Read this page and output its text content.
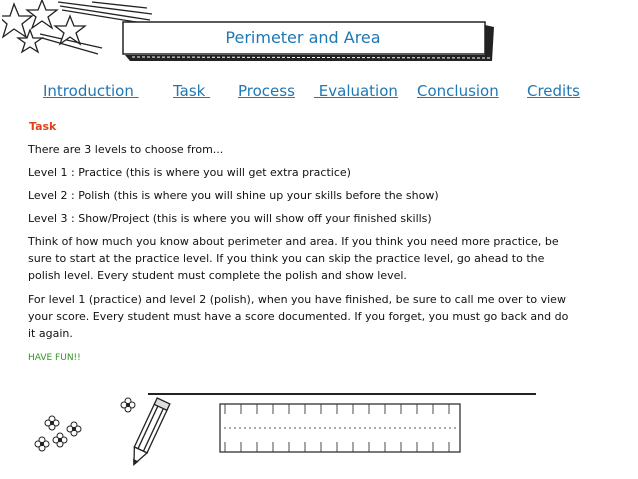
Perimeter and Area
Introduction Task Process Evaluation Conclusion Credits
Task

There are 3 levels to choose from...

Level 1 : Practice (this is where you will get extra practice)

Level 2 : Polish (this is where you will shine up your skills before the show)

Level 3 : Show/Project (this is where you will show off your finished skills)

Think of how much you know about perimeter and area. If you think you need more practice, be sure to start at the practice level. If you think you can skip the practice level, go ahead to the polish level. Every student must complete the polish and show level.

For level 1 (practice) and level 2 (polish), when you have finished, be sure to call me over to view your score. Every student must have a score documented. If you forget, you must go back and do it again.

HAVE FUN!!
